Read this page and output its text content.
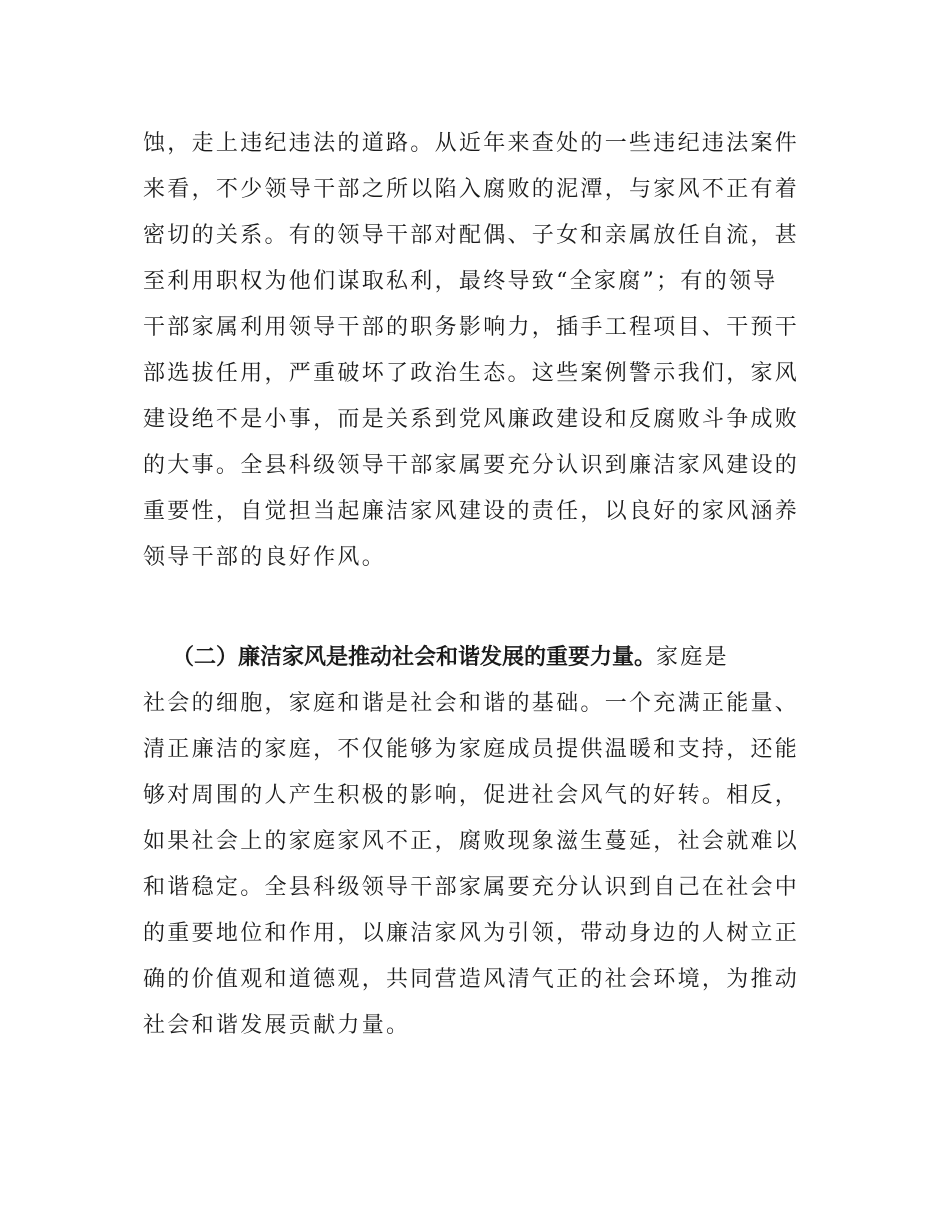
蚀，走上违纪违法的道路。从近年来查处的一些违纪违法案件
来看，不少领导干部之所以陷入腐败的泥潭，与家风不正有着
密切的关系。有的领导干部对配偶、子女和亲属放任自流，甚
至利用职权为他们谋取私利，最终导致“全家腐”；有的领导
干部家属利用领导干部的职务影响力，插手工程项目、干预干
部选拔任用，严重破坏了政治生态。这些案例警示我们，家风
建设绝不是小事，而是关系到党风廉政建设和反腐败斗争成败
的大事。全县科级领导干部家属要充分认识到廉洁家风建设的
重要性，自觉担当起廉洁家风建设的责任，以良好的家风涵养
领导干部的良好作风。
（二）廉洁家风是推动社会和谐发展的重要力量。家庭是
社会的细胞，家庭和谐是社会和谐的基础。一个充满正能量、
清正廉洁的家庭，不仅能够为家庭成员提供温暖和支持，还能
够对周围的人产生积极的影响，促进社会风气的好转。相反，
如果社会上的家庭家风不正，腐败现象滋生蔓延，社会就难以
和谐稳定。全县科级领导干部家属要充分认识到自己在社会中
的重要地位和作用，以廉洁家风为引领，带动身边的人树立正
确的价值观和道德观，共同营造风清气正的社会环境，为推动
社会和谐发展贡献力量。
